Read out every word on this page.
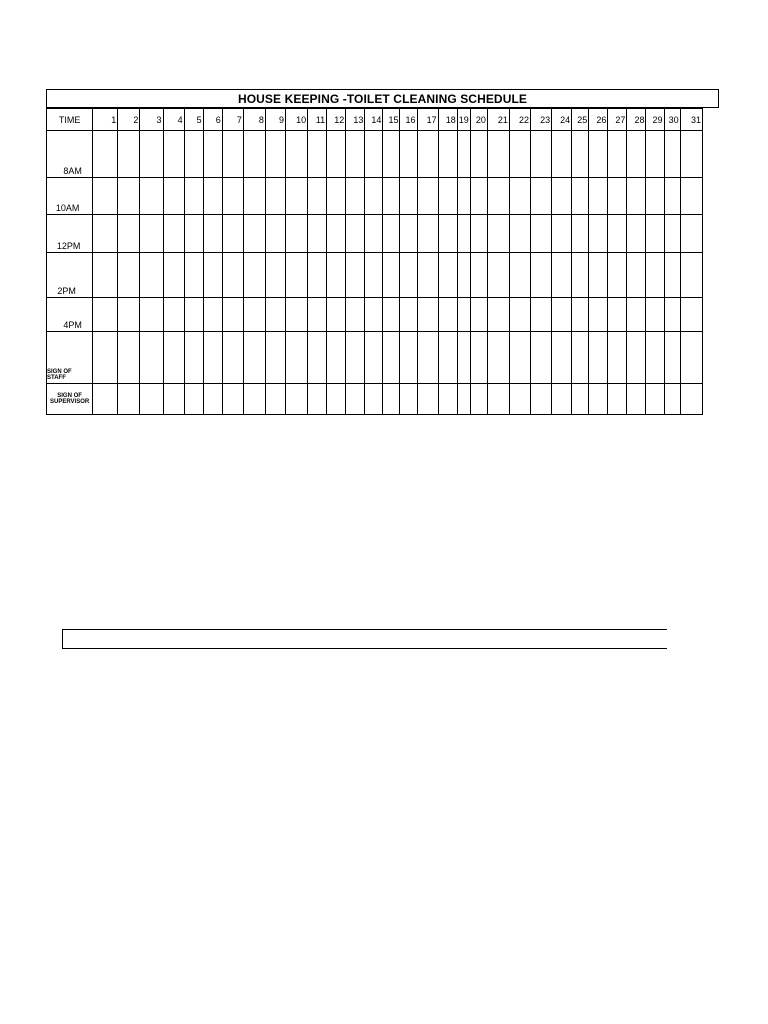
HOUSE KEEPING -TOILET CLEANING SCHEDULE
TIME	1	2	3	4	5	6	7	8	9	10	11	12	13	14	15	16	17	18	19	20	21	22	23	24	25	26	27	28	29	30	31
8AM																															
10AM																															
12PM																															
2PM																															
4PM																															

SIGN OF
STAFF																															

SIGN OF
SUPERVISOR																															
